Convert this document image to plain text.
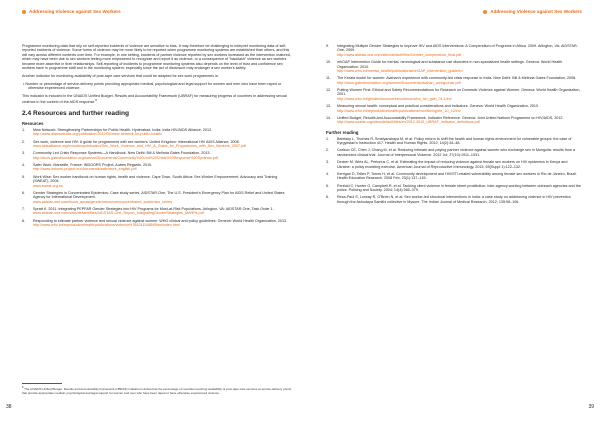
Addressing Violence against Sex Workers

Programme monitoring data that rely on self-reported incidents of violence are sensitive to bias. It may therefore be challenging to interpret monitoring data of self-reported incidents of violence. Some forms of violence may be more likely to be reported when programme monitoring systems are established than others, and this will vary across different contexts over time. For example, in one setting, incidents of partner violence reported by sex workers increased as the intervention matured, which may have been due to sex workers feeling more empowered to recognize and report it as violence, or a consequence of "backlash" violence as sex workers became more assertive in their relationships. Self-reporting of incidents to programme monitoring systems also depends on the level of trust and confidence sex workers have in programme staff and in the monitoring system, especially since the act of disclosure may endanger a sex worker's safety.

Another indicator for monitoring availability of post-rape care services that could be adapted for sex work programmes is:

• Number or percentage of service-delivery points providing appropriate medical, psychological and legal support for women and men who have been raped or otherwise experienced violence.

This indicator is included in the UNAIDS Unified Budget, Results and Accountability Framework (UBRAF) for measuring progress of countries in addressing sexual violence in the context of the AIDS response.$^8$

2.4 Resources and further reading
Resources
1. Mew Network: Strengthening Partnerships for Public Health. Hyderabad, India: India HIV/AIDS Alliance, 2012.
http://www.allianceindia.org/publication/2012/04/mew-network-for-public-health/
2. Sex work, violence and HIV: A guide for programmes with sex workers. United Kingdom: International HIV AIDS Alliance, 2008.
www.aidsalliance.org/includes/publication/Sex_Work_Violence_and_HIV_A_Guide_for_Programmes_with_Sex_Workers_2007.pdf
3. Community Led Crisis Response Systems—A Handbook. New Delhi: Bill & Melinda Gates Foundation, 2013.
http://docs.gatesfoundation.org/avahan/Documents/Community%20Led%20Crisis%20Response%20Systems.pdf
4. Safer Work. Marseille, France: INDOORS Project, Autres Regards, 2010.
http://www.indoors-project.eu/documents/saferwork_english.pdf
5. Work Wise: Sex worker handbook on human rights, health and violence. Cape Town, South Africa: Sex Worker Empowerment, Advocacy and Training (SWEAT), 2004.
www.sweat.org.za
6. Gender Strategies in Concentrated Epidemics: Case study series. AIDSTAR-One, The U.S. President's Emergency Plan for AIDS Relief and United States Agency for International Development.
www.aidstar-one.com/focus_areas/gender/resources/concentrated_epidemics_series
7. Spratt K. 2011. Integrating PEPFAR Gender Strategies into HIV Programs for Most-at-Risk Populations. Arlington, VA: AIDSTAR-One, Task Order 1.
www.aidstar-one.com/sites/default/files/AIDSTAR-One_Report_IntegratingGenderStrategies_MARPs.pdf
8. Responding to intimate partner violence and sexual violence against women: WHO clinical and policy guidelines. Geneva: World Health Organization, 2013.
http://www.who.int/reproductivehealth/publications/violence/9789241548595/en/index.html
$^8$ The UNAIDS Unified Budget, Results and Accountability Framework (UBRAF) indicator is defined as the percentage of countries reporting availability of post-rape care services at service-delivery points that provide appropriate medical, psychological and legal support for women and men who have been raped or have otherwise experienced violence.
38
Addressing Violence against Sex Workers
9. Integrating Multiple Gender Strategies to Improve HIV and AIDS Interventions: A Compendium of Programs in Africa. 2009. Arlington, VA: AIDSTAR-One, 2009.
http://www.aidstar-one.com/sites/default/files/Gender_compendium_final.pdf
10. mhGAP Intervention Guide for mental, neurological and substance use disorders in non-specialized health settings. Geneva: World Health Organization, 2010.
http://www.who.int/mental_health/publications/mhGAP_intervention_guide/en
11. The Kerala model for women: Avahan's experience with community-led crisis response in India. New Delhi: Bill & Melinda Gates Foundation, 2008.
http://docs.gatesfoundation.org/avahan/Documents/avahan_ccresponse.pdf
12. Putting Women First: Ethical and Safety Recommendations for Research on Domestic Violence against Women. Geneva: World Health Organization, 2001.
http://www.who.int/gender/documents/violence/who_fch_gwh_01.1/en/
13. Measuring sexual health: conceptual and practical considerations and indicators. Geneva: World Health Organization, 2010.
http://www.who.int/reproductivehealth/publications/monitoring/rhr_10_12/en/
14. Unified Budget, Results and Accountability Framework. Indicator Reference. Geneva: Joint United Nations Programme on HIV/AIDS, 2012.
http://www.unaids.org/sites/default/files/en/2012-2015_UBRAF_indicator_definitions.pdf
Further reading
1. Beletsky L, Thomas R, Smelyanskaya M, et al. Policy reform to shift the health and human rights environment for vulnerable groups: the case of Kyrgyzstan's Instruction 417. Health and Human Rights. 2012; 14(2):34–48.
2. Carlson CE, Chen J, Chang M, et al. Reducing intimate and paying partner violence against women who exchange sex in Mongolia: results from a randomized clinical trial. Journal of Interpersonal Violence. 2012 Jul; 27(10):1911–1931.
3. Decker M, Wirtz AL, Pretorius C, et al. Estimating the impact of reducing violence against female sex workers on HIV epidemics in Kenya and Ukraine: a policy modeling exercise. American Journal of Reproductive Immunology. 2013; 69(Suppl 1):122–132.
4. Kerrigan D, Telles P, Torres H, et al. Community development and HIV/STI-related vulnerability among female sex workers in Rio de Janeiro, Brazil. Health Education Research. 2008 Feb; 23(1):137–145.
5. Penfold C, Hunter G, Campbell R, et al. Tackling client violence in female street prostitution: inter-agency working between outreach agencies and the police. Policing and Society. 2004; 14(4):365–379.
6. Reza-Paul S, Lorway R, O'Brien N, et al. Sex worker-led structural interventions in India: a case study on addressing violence in HIV prevention through the Ashodaya Samithi collective in Mysore. The Indian Journal of Medical Research. 2012; 135:98–106.
39
